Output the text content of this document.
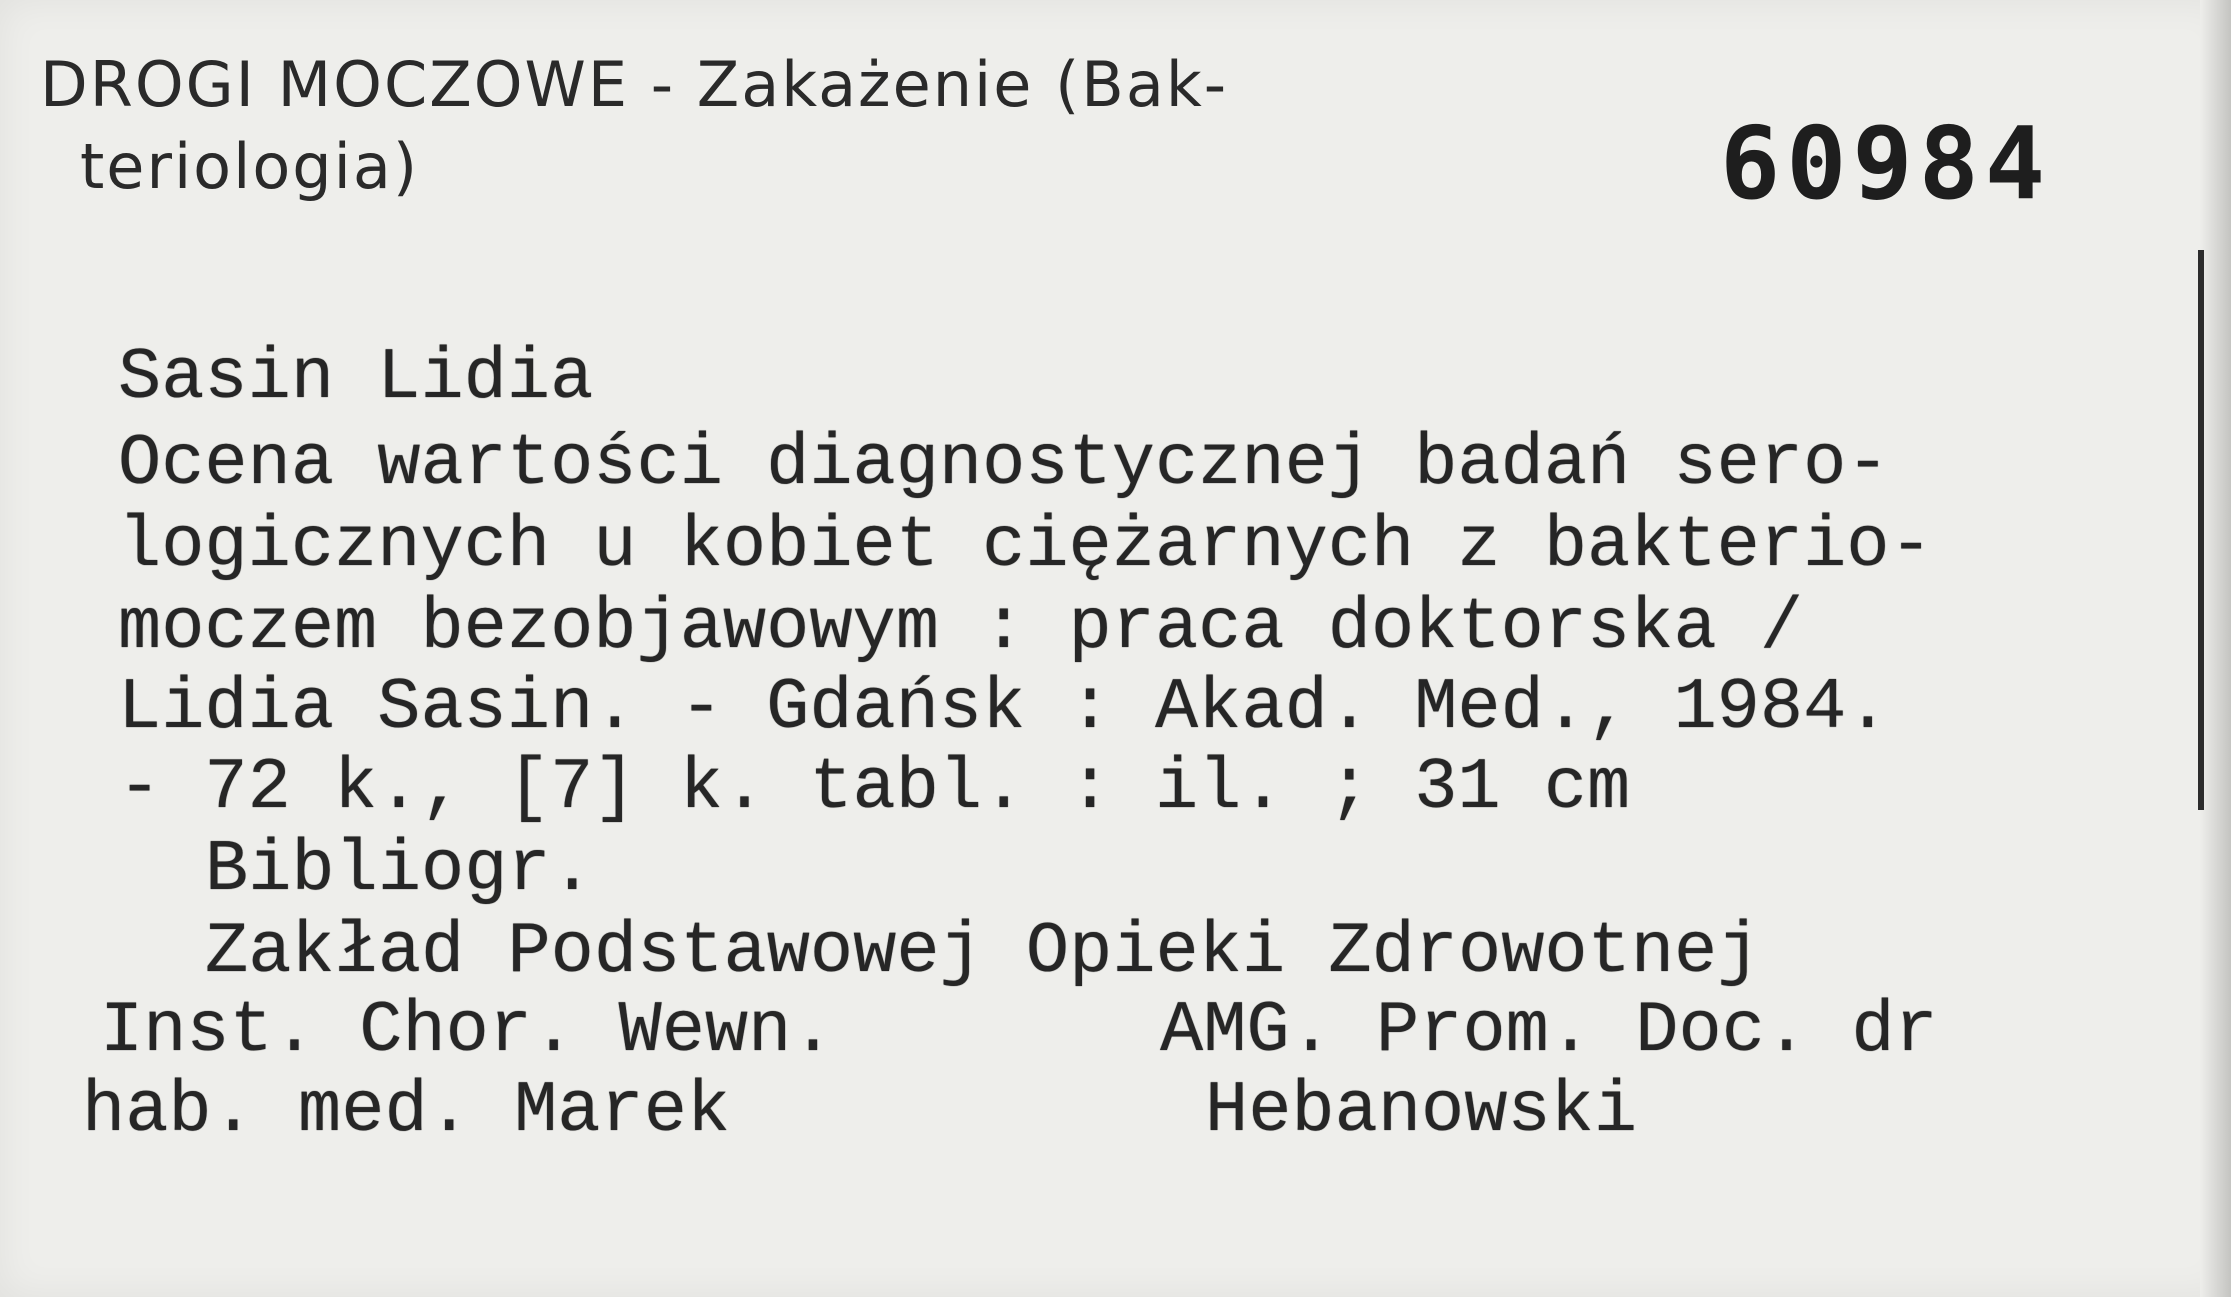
DROGI MOCZOWE - Zakażenie (Bak-
teriologia)	60984
Sasin Lidia
Ocena wartości diagnostycznej badań sero-
logicznych u kobiet ciężarnych z bakterio-
moczem bezobjawowym : praca doktorska /
Lidia Sasin. - Gdańsk : Akad. Med., 1984.
- 72 k., [7] k. tabl. : il. ; 31 cm
Bibliogr.
Zakład Podstawowej Opieki Zdrowotnej
Inst. Chor. Wewn.	AMG. Prom. Doc. dr
hab. med. Marek	Hebanowski
